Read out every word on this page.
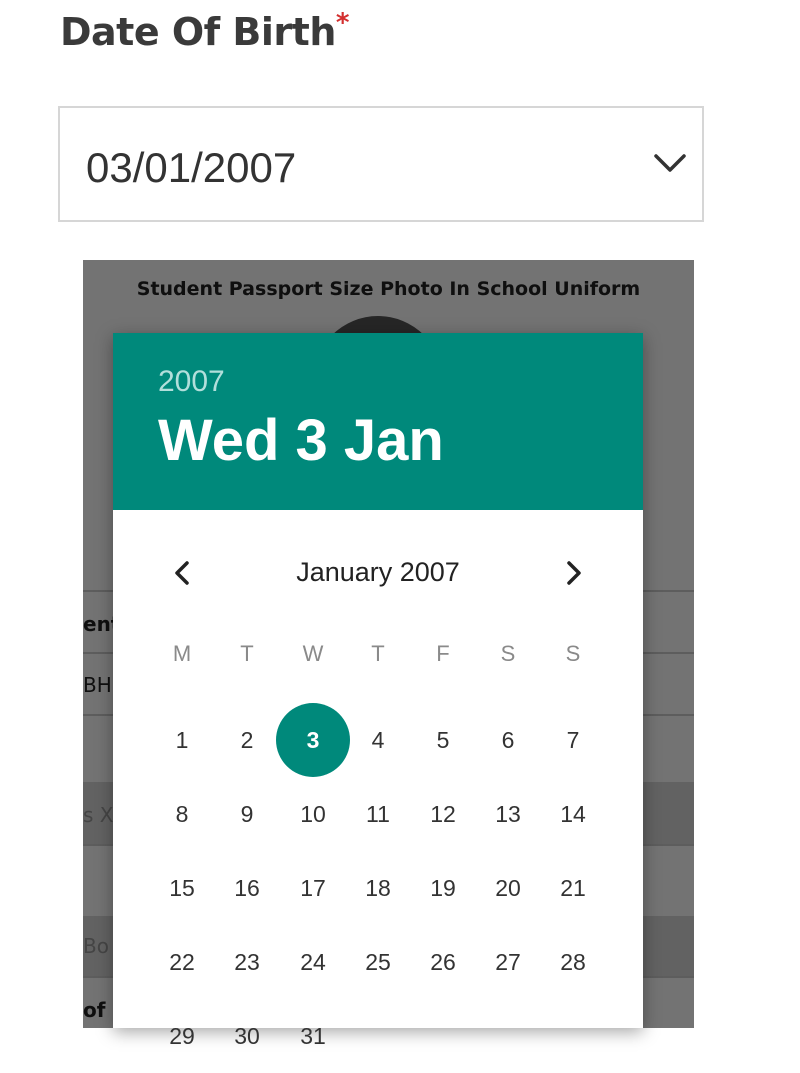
Date Of Birth*
03/01/2007
2007
Wed 3 Jan
January 2007
M	T	W	T	F	S	S
1	2	3	4	5	6	7
8	9	10	11	12	13	14
15	16	17	18	19	20	21
22	23	24	25	26	27	28
29	30	31
